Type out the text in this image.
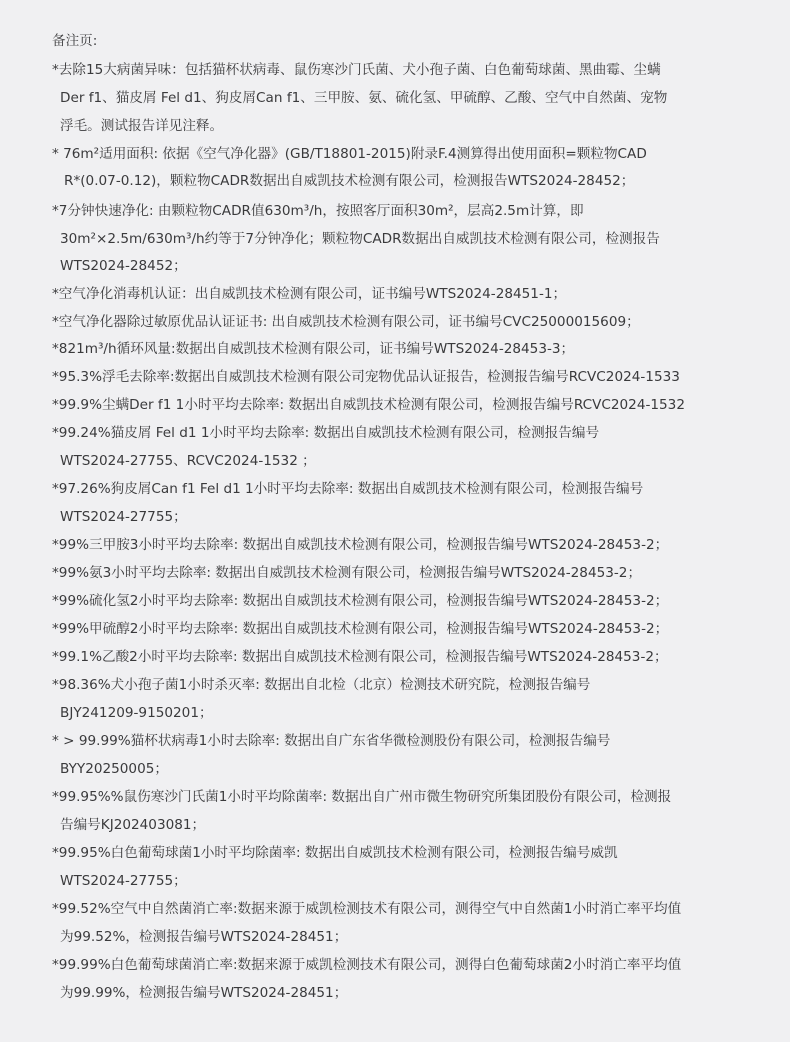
备注页:
*去除15大病菌异味：包括猫杯状病毒、鼠伤寒沙门氏菌、犬小孢子菌、白色葡萄球菌、黑曲霉、尘螨
Der f1、猫皮屑 Fel d1、狗皮屑Can f1、三甲胺、氨、硫化氢、甲硫醇、乙酸、空气中自然菌、宠物
浮毛。测试报告详见注释。
* 76m²适用面积: 依据《空气净化器》(GB/T18801-2015)附录F.4测算得出使用面积=颗粒物CAD
R*(0.07-0.12)，颗粒物CADR数据出自威凯技术检测有限公司，检测报告WTS2024-28452；
*7分钟快速净化: 由颗粒物CADR值630m³/h，按照客厅面积30m²，层高2.5m计算，即
30m²×2.5m/630m³/h约等于7分钟净化；颗粒物CADR数据出自威凯技术检测有限公司，检测报告
WTS2024-28452；
*空气净化消毒机认证：出自威凯技术检测有限公司，证书编号WTS2024-28451-1；
*空气净化器除过敏原优品认证证书: 出自威凯技术检测有限公司，证书编号CVC25000015609；
*821m³/h循环风量:数据出自威凯技术检测有限公司，证书编号WTS2024-28453-3；
*95.3%浮毛去除率:数据出自威凯技术检测有限公司宠物优品认证报告，检测报告编号RCVC2024-1533
*99.9%尘螨Der f1 1小时平均去除率: 数据出自威凯技术检测有限公司，检测报告编号RCVC2024-1532
*99.24%猫皮屑 Fel d1 1小时平均去除率: 数据出自威凯技术检测有限公司，检测报告编号
WTS2024-27755、RCVC2024-1532 ；
*97.26%狗皮屑Can f1 Fel d1 1小时平均去除率: 数据出自威凯技术检测有限公司，检测报告编号
WTS2024-27755；
*99%三甲胺3小时平均去除率: 数据出自威凯技术检测有限公司，检测报告编号WTS2024-28453-2；
*99%氨3小时平均去除率: 数据出自威凯技术检测有限公司，检测报告编号WTS2024-28453-2；
*99%硫化氢2小时平均去除率: 数据出自威凯技术检测有限公司，检测报告编号WTS2024-28453-2；
*99%甲硫醇2小时平均去除率: 数据出自威凯技术检测有限公司，检测报告编号WTS2024-28453-2；
*99.1%乙酸2小时平均去除率: 数据出自威凯技术检测有限公司，检测报告编号WTS2024-28453-2；
*98.36%犬小孢子菌1小时杀灭率: 数据出自北检（北京）检测技术研究院，检测报告编号
BJY241209-9150201；
* > 99.99%猫杯状病毒1小时去除率: 数据出自广东省华微检测股份有限公司，检测报告编号
BYY20250005；
*99.95%%鼠伤寒沙门氏菌1小时平均除菌率: 数据出自广州市微生物研究所集团股份有限公司，检测报
告编号KJ202403081；
*99.95%白色葡萄球菌1小时平均除菌率: 数据出自威凯技术检测有限公司，检测报告编号威凯
WTS2024-27755；
*99.52%空气中自然菌消亡率:数据来源于威凯检测技术有限公司，测得空气中自然菌1小时消亡率平均值
为99.52%，检测报告编号WTS2024-28451；
*99.99%白色葡萄球菌消亡率:数据来源于威凯检测技术有限公司，测得白色葡萄球菌2小时消亡率平均值
为99.99%，检测报告编号WTS2024-28451；
